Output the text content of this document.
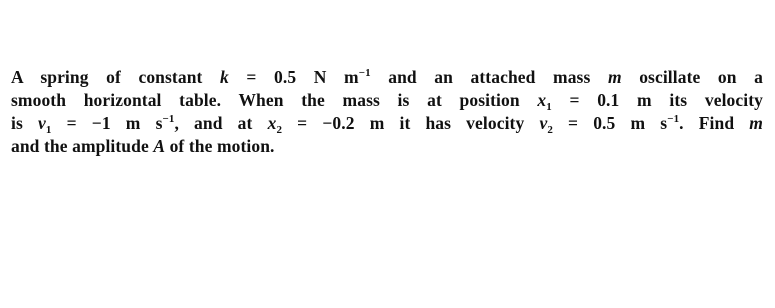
A spring of constant k = 0.5 N $m^{-1}$ and an attached mass m oscillate on a
smooth horizontal table. When the mass is at position $x_1 = 0.1$ m its velocity
is $v_1 = -1$ m $s^{-1}$, and at $x_2 = -0.2$ m it has velocity $v_2 = 0.5$ m $s^{-1}$. Find m
and the amplitude A of the motion.
